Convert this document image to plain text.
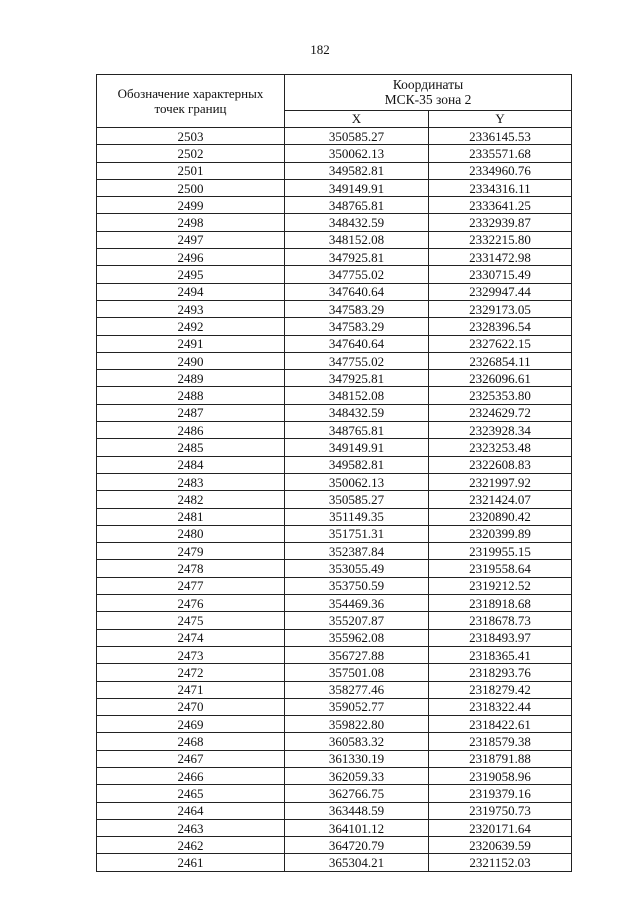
182
Обозначение характерных
точек границ	Координаты
МСК-35 зона 2	

	X	Y
2503	350585.27	2336145.53
2502	350062.13	2335571.68
2501	349582.81	2334960.76
2500	349149.91	2334316.11
2499	348765.81	2333641.25
2498	348432.59	2332939.87
2497	348152.08	2332215.80
2496	347925.81	2331472.98
2495	347755.02	2330715.49
2494	347640.64	2329947.44
2493	347583.29	2329173.05
2492	347583.29	2328396.54
2491	347640.64	2327622.15
2490	347755.02	2326854.11
2489	347925.81	2326096.61
2488	348152.08	2325353.80
2487	348432.59	2324629.72
2486	348765.81	2323928.34
2485	349149.91	2323253.48
2484	349582.81	2322608.83
2483	350062.13	2321997.92
2482	350585.27	2321424.07
2481	351149.35	2320890.42
2480	351751.31	2320399.89
2479	352387.84	2319955.15
2478	353055.49	2319558.64
2477	353750.59	2319212.52
2476	354469.36	2318918.68
2475	355207.87	2318678.73
2474	355962.08	2318493.97
2473	356727.88	2318365.41
2472	357501.08	2318293.76
2471	358277.46	2318279.42
2470	359052.77	2318322.44
2469	359822.80	2318422.61
2468	360583.32	2318579.38
2467	361330.19	2318791.88
2466	362059.33	2319058.96
2465	362766.75	2319379.16
2464	363448.59	2319750.73
2463	364101.12	2320171.64
2462	364720.79	2320639.59
2461	365304.21	2321152.03
